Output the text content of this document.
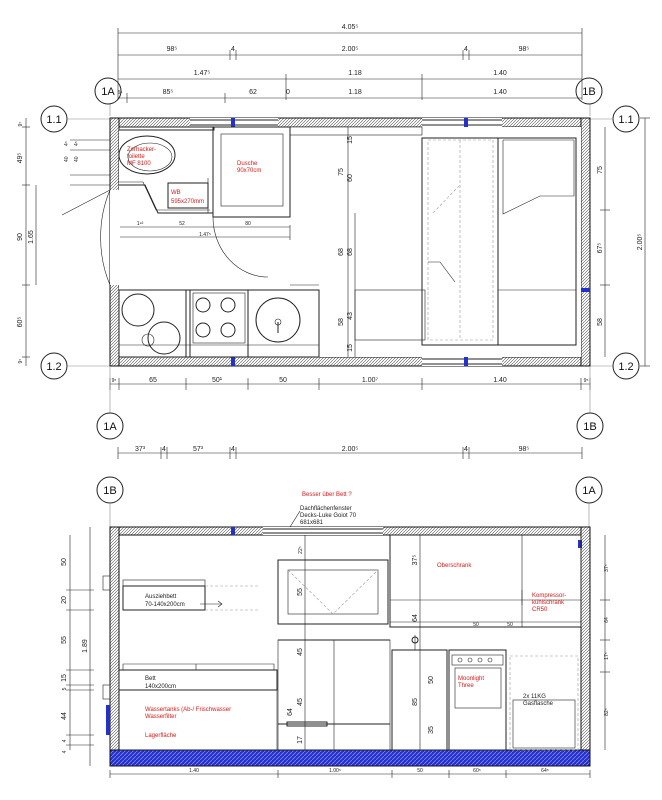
4.05⁵
98⁵	4	2.00⁵	4	98⁵
1.47⁵	1.18	1.40
5⁵	85⁵	62	0	1.18	1.40
1A	1B
1.1	1.1
1.2	1.2
9⁵
49⁵
90
60⁵
9⁵
1.65
4⁵
40
4⁵
40
75
67⁵
58
2.00⁵
Zerhacker-
toilette
MF 8100	Dusche
90x70cm
WB
595x270mm
75
60
68 68
58
43
15
15
1⁹²	52	80
1.47⁵
9⁵	65	50¹	50	1.00⁷	1.40	9⁵
1A	1B
37³ 4	57³	4	2.00⁵	4	98⁵
1B	1A
Besser über Bett ?
Dachflächenfenster
Decks-Luke Goiot 70
681x681
Ausziehbett
70-140x200cm
Bett
140x200cm
Wassertanks (Ab-/ Frischwasser
Wasserfilter
Lagerfläche
Oberschrank
Kompressor-
kühlschrank
CR50
Moonlight
Three
2x 11KG
Gasflasche
50
20
55
15
5
44
4
4
1.89
22⁵
55
45
45
64
17
37⁵
64
50
35
85
50	50
37⁵
64
17⁵
82⁵
1.40	1.00⁵	50	60⁵	64⁵
